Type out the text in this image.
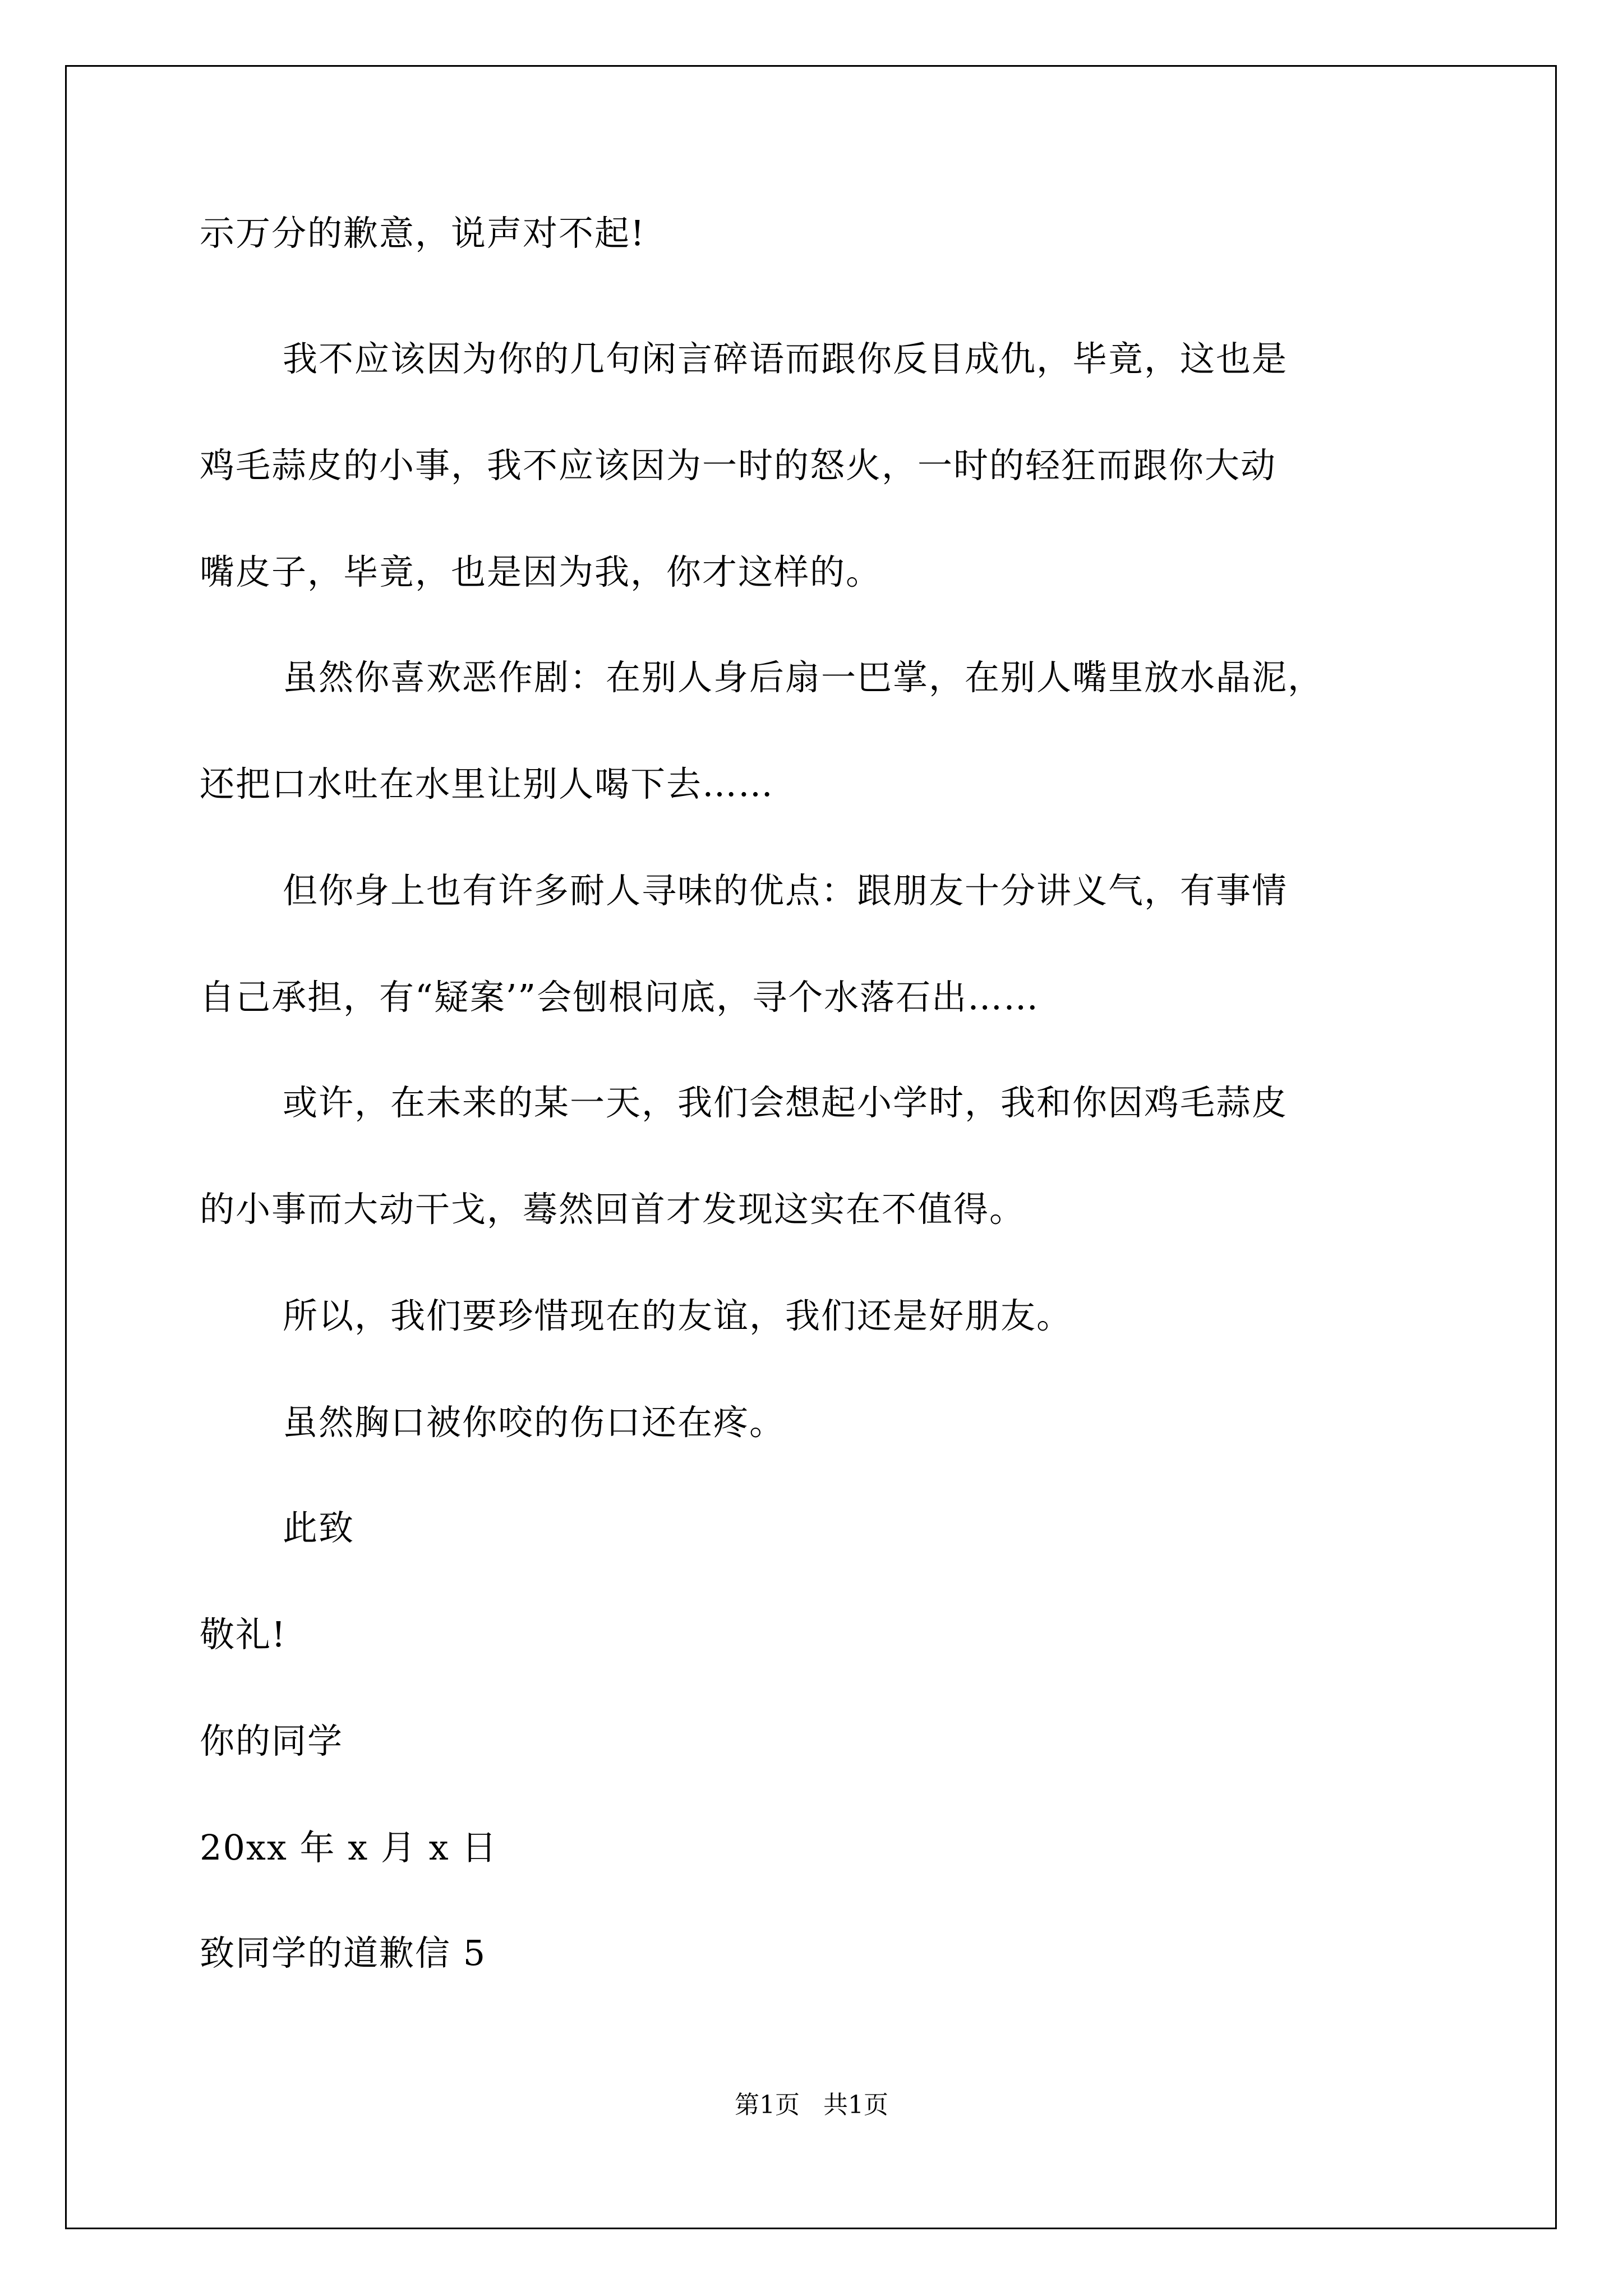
示万分的歉意，说声对不起!
我不应该因为你的几句闲言碎语而跟你反目成仇，毕竟，这也是
鸡毛蒜皮的小事，我不应该因为一时的怒火，一时的轻狂而跟你大动
嘴皮子，毕竟，也是因为我，你才这样的。
虽然你喜欢恶作剧：在别人身后扇一巴掌，在别人嘴里放水晶泥，
还把口水吐在水里让别人喝下去……
但你身上也有许多耐人寻味的优点：跟朋友十分讲义气，有事情
自己承担，有“疑案’”会刨根问底，寻个水落石出……
或许，在未来的某一天，我们会想起小学时，我和你因鸡毛蒜皮
的小事而大动干戈，蓦然回首才发现这实在不值得。
所以，我们要珍惜现在的友谊，我们还是好朋友。
虽然胸口被你咬的伤口还在疼。
此致
敬礼!
你的同学
20xx 年 x 月 x 日
致同学的道歉信 5
第1页   共1页
